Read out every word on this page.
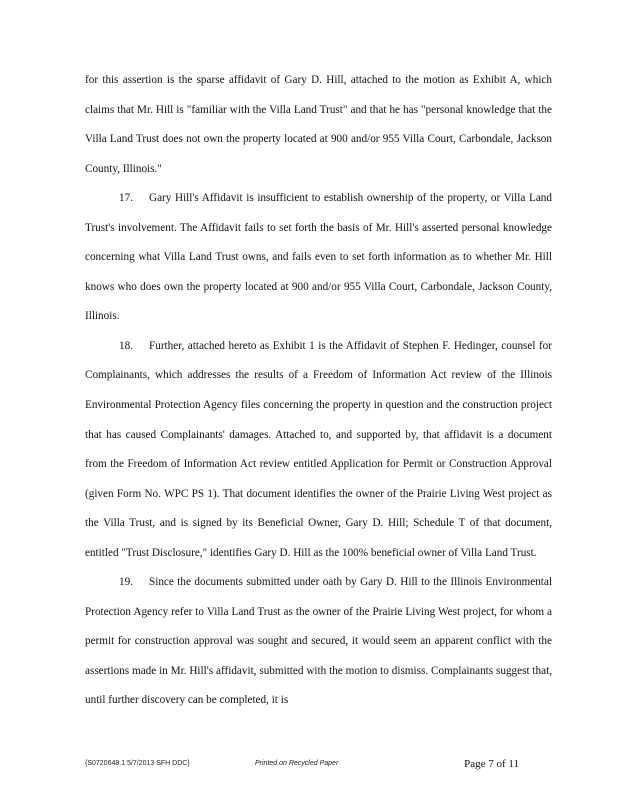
for this assertion is the sparse affidavit of Gary D. Hill, attached to the motion as Exhibit A, which claims that Mr. Hill is "familiar with the Villa Land Trust" and that he has "personal knowledge that the Villa Land Trust does not own the property located at 900 and/or 955 Villa Court, Carbondale, Jackson County, Illinois."

17. Gary Hill's Affidavit is insufficient to establish ownership of the property, or Villa Land Trust's involvement. The Affidavit fails to set forth the basis of Mr. Hill's asserted personal knowledge concerning what Villa Land Trust owns, and fails even to set forth information as to whether Mr. Hill knows who does own the property located at 900 and/or 955 Villa Court, Carbondale, Jackson County, Illinois.

18. Further, attached hereto as Exhibit 1 is the Affidavit of Stephen F. Hedinger, counsel for Complainants, which addresses the results of a Freedom of Information Act review of the Illinois Environmental Protection Agency files concerning the property in question and the construction project that has caused Complainants' damages. Attached to, and supported by, that affidavit is a document from the Freedom of Information Act review entitled Application for Permit or Construction Approval (given Form No. WPC PS 1). That document identifies the owner of the Prairie Living West project as the Villa Trust, and is signed by its Beneficial Owner, Gary D. Hill; Schedule T of that document, entitled "Trust Disclosure," identifies Gary D. Hill as the 100% beneficial owner of Villa Land Trust.

19. Since the documents submitted under oath by Gary D. Hill to the Illinois Environmental Protection Agency refer to Villa Land Trust as the owner of the Prairie Living West project, for whom a permit for construction approval was sought and secured, it would seem an apparent conflict with the assertions made in Mr. Hill's affidavit, submitted with the motion to dismiss. Complainants suggest that, until further discovery can be completed, it is

{S0720648.1 5/7/2013 SFH DDC}	Printed on Recycled Paper	Page 7 of 11
